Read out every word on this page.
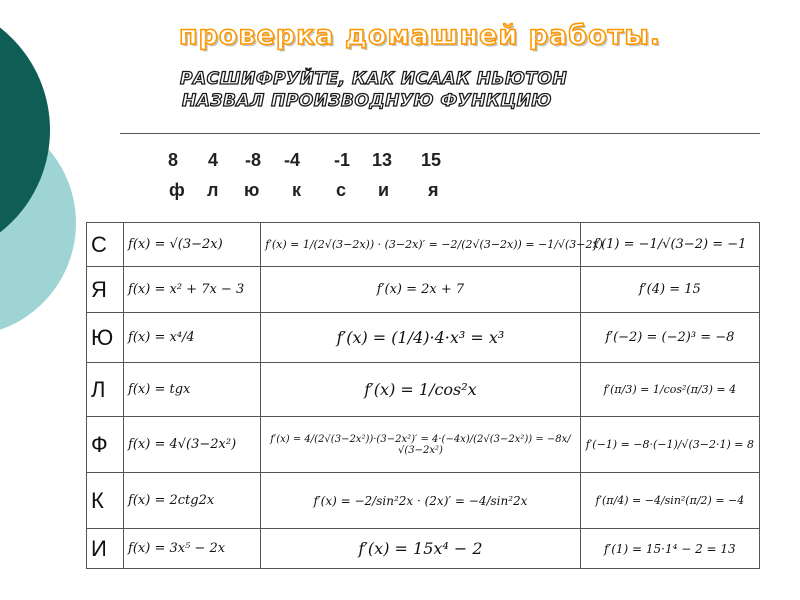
проверка домашней работы.
РАСШИФРУЙТЕ, КАК ИСААК НЬЮТОН
НАЗВАЛ ПРОИЗВОДНУЮ ФУНКЦИЮ
8 4 -8 -4 -1 13 15
ф л ю к с и я
С	f(x) = √(3−2x)	f′(x) = 1/(2√(3−2x)) · (3−2x)′ = −2/(2√(3−2x)) = −1/√(3−2x)	f′(1) = −1/√(3−2) = −1
Я	f(x) = x² + 7x − 3	f′(x) = 2x + 7	f′(4) = 15
Ю	f(x) = x⁴/4	f′(x) = (1/4)·4·x³ = x³	f′(−2) = (−2)³ = −8
Л	f(x) = tgx	f′(x) = 1/cos²x	f′(π/3) = 1/cos²(π/3) = 4
Ф	f(x) = 4√(3−2x²)	f′(x) = 4/(2√(3−2x²))·(3−2x²)′ = 4·(−4x)/(2√(3−2x²)) = −8x/√(3−2x²)	f′(−1) = −8·(−1)/√(3−2·1) = 8
К	f(x) = 2ctg2x	f′(x) = −2/sin²2x · (2x)′ = −4/sin²2x	f′(π/4) = −4/sin²(π/2) = −4
И	f(x) = 3x⁵ − 2x	f′(x) = 15x⁴ − 2	f′(1) = 15·1⁴ − 2 = 13
